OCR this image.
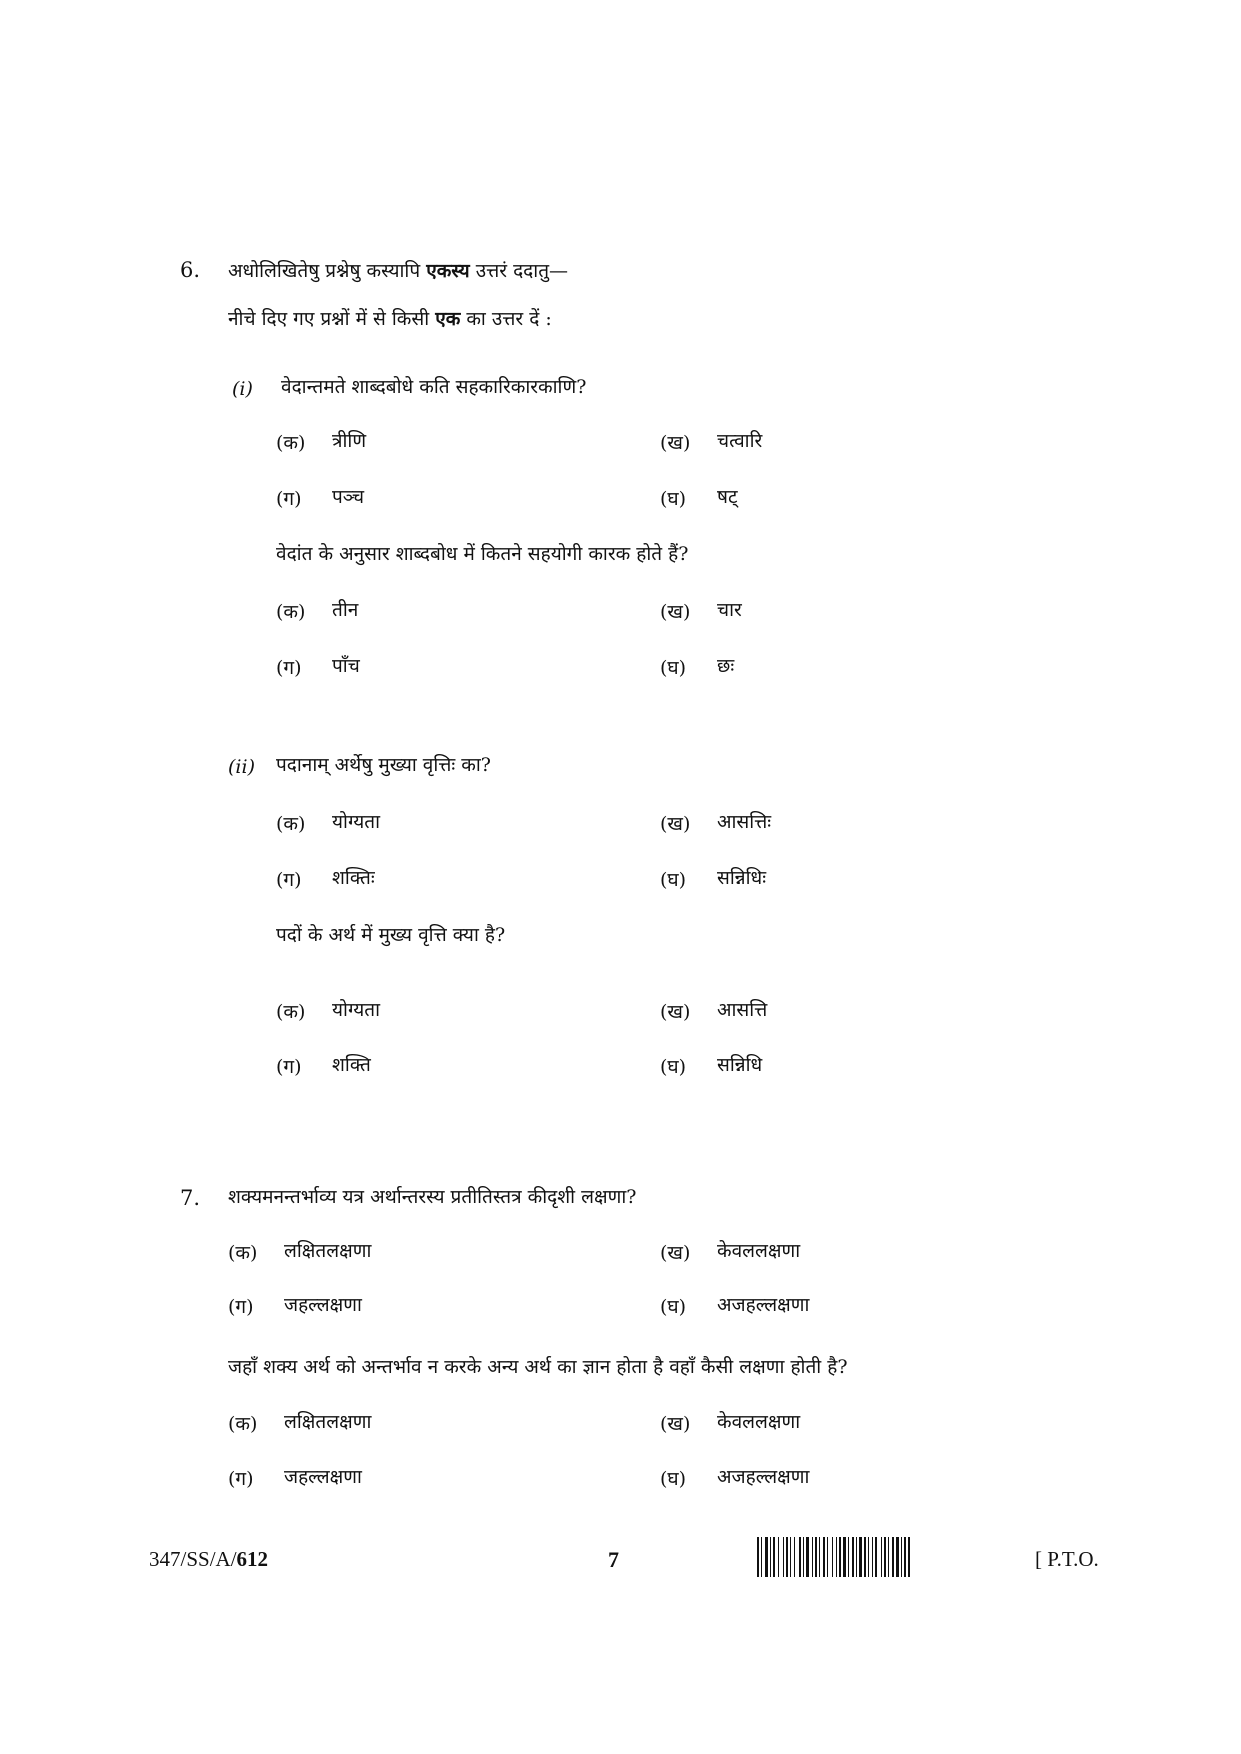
6. अधोलिखितेषु प्रश्नेषु कस्यापि एकस्य उत्तरं ददातु—
नीचे दिए गए प्रश्नों में से किसी एक का उत्तर दें :
(i) वेदान्तमते शाब्दबोधे कति सहकारिकारकाणि?
(क) त्रीणि	(ख) चत्वारि
(ग) पञ्च	(घ) षट्
वेदांत के अनुसार शाब्दबोध में कितने सहयोगी कारक होते हैं?
(क) तीन	(ख) चार
(ग) पाँच	(घ) छः
(ii) पदानाम् अर्थेषु मुख्या वृत्तिः का?
(क) योग्यता	(ख) आसत्तिः
(ग) शक्तिः	(घ) सन्निधिः
पदों के अर्थ में मुख्य वृत्ति क्या है?
(क) योग्यता	(ख) आसत्ति
(ग) शक्ति	(घ) सन्निधि
7. शक्यमनन्तर्भाव्य यत्र अर्थान्तरस्य प्रतीतिस्तत्र कीदृशी लक्षणा?
(क) लक्षितलक्षणा	(ख) केवललक्षणा
(ग) जहल्लक्षणा	(घ) अजहल्लक्षणा
जहाँ शक्य अर्थ को अन्तर्भाव न करके अन्य अर्थ का ज्ञान होता है वहाँ कैसी लक्षणा होती है?
(क) लक्षितलक्षणा	(ख) केवललक्षणा
(ग) जहल्लक्षणा	(घ) अजहल्लक्षणा
347/SS/A/612	7	[ P.T.O.
